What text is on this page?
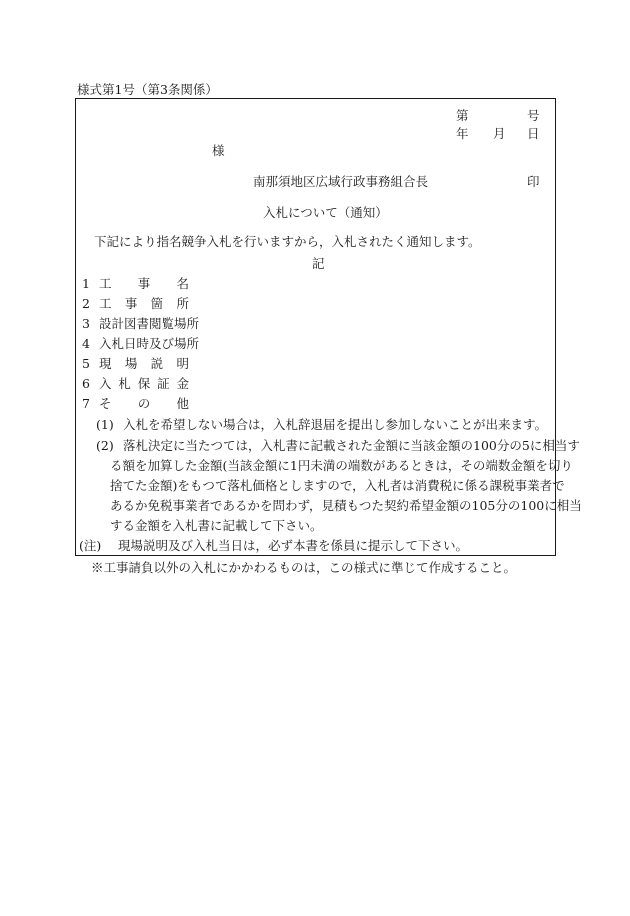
様式第1号（第3条関係）
第	号
年 月 日
様
南那須地区広域行政事務組合長	印
入札について（通知）
下記により指名競争入札を行いますから，入札されたく通知します。
記
1 工 事 名
2 工 事 箇 所
3 設計図書閲覧場所
4 入札日時及び場所
5 現 場 説 明
6 入 札 保 証 金
7 そ の 他
(1) 入札を希望しない場合は，入札辞退届を提出し参加しないことが出来ます。
(2) 落札決定に当たつては，入札書に記載された金額に当該金額の100分の5に相当す
る額を加算した金額(当該金額に1円未満の端数があるときは，その端数金額を切り
捨てた金額)をもつて落札価格としますので，入札者は消費税に係る課税事業者で
あるか免税事業者であるかを問わず，見積もつた契約希望金額の105分の100に相当
する金額を入札書に記載して下さい。
(注) 現場説明及び入札当日は，必ず本書を係員に提示して下さい。
※工事請負以外の入札にかかわるものは，この様式に準じて作成すること。
